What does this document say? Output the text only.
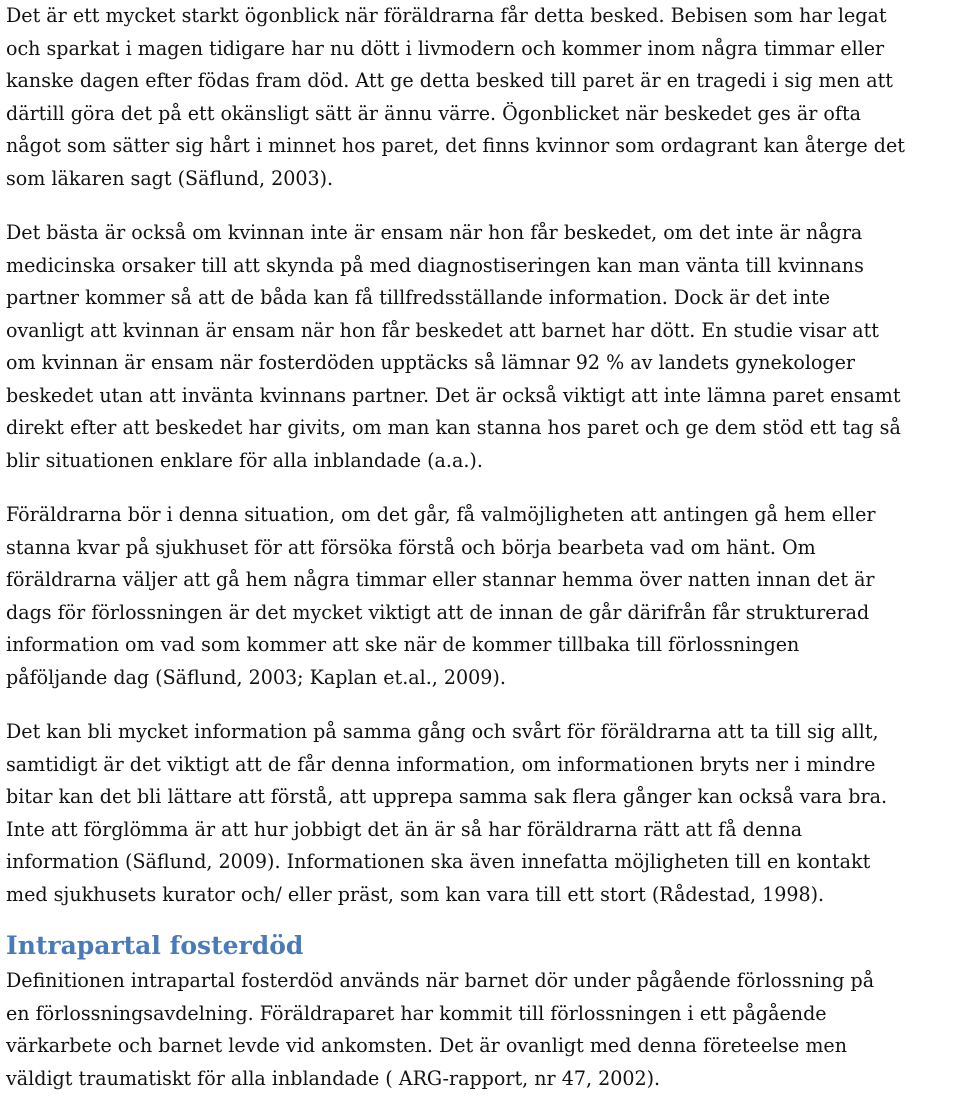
Det är ett mycket starkt ögonblick när föräldrarna får detta besked. Bebisen som har legat
och sparkat i magen tidigare har nu dött i livmodern och kommer inom några timmar eller
kanske dagen efter födas fram död. Att ge detta besked till paret är en tragedi i sig men att
därtill göra det på ett okänsligt sätt är ännu värre. Ögonblicket när beskedet ges är ofta
något som sätter sig hårt i minnet hos paret, det finns kvinnor som ordagrant kan återge det
som läkaren sagt (Säflund, 2003).
Det bästa är också om kvinnan inte är ensam när hon får beskedet, om det inte är några
medicinska orsaker till att skynda på med diagnostiseringen kan man vänta till kvinnans
partner kommer så att de båda kan få tillfredsställande information. Dock är det inte
ovanligt att kvinnan är ensam när hon får beskedet att barnet har dött. En studie visar att
om kvinnan är ensam när fosterdöden upptäcks så lämnar 92 % av landets gynekologer
beskedet utan att invänta kvinnans partner. Det är också viktigt att inte lämna paret ensamt
direkt efter att beskedet har givits, om man kan stanna hos paret och ge dem stöd ett tag så
blir situationen enklare för alla inblandade (a.a.).
Föräldrarna bör i denna situation, om det går, få valmöjligheten att antingen gå hem eller
stanna kvar på sjukhuset för att försöka förstå och börja bearbeta vad om hänt. Om
föräldrarna väljer att gå hem några timmar eller stannar hemma över natten innan det är
dags för förlossningen är det mycket viktigt att de innan de går därifrån får strukturerad
information om vad som kommer att ske när de kommer tillbaka till förlossningen
påföljande dag (Säflund, 2003; Kaplan et.al., 2009).
Det kan bli mycket information på samma gång och svårt för föräldrarna att ta till sig allt,
samtidigt är det viktigt att de får denna information, om informationen bryts ner i mindre
bitar kan det bli lättare att förstå, att upprepa samma sak flera gånger kan också vara bra.
Inte att förglömma är att hur jobbigt det än är så har föräldrarna rätt att få denna
information (Säflund, 2009). Informationen ska även innefatta möjligheten till en kontakt
med sjukhusets kurator och/ eller präst, som kan vara till ett stort (Rådestad, 1998).
Intrapartal fosterdöd
Definitionen intrapartal fosterdöd används när barnet dör under pågående förlossning på
en förlossningsavdelning. Föräldraparet har kommit till förlossningen i ett pågående
värkarbete och barnet levde vid ankomsten. Det är ovanligt med denna företeelse men
väldigt traumatiskt för alla inblandade ( ARG-rapport, nr 47, 2002).
